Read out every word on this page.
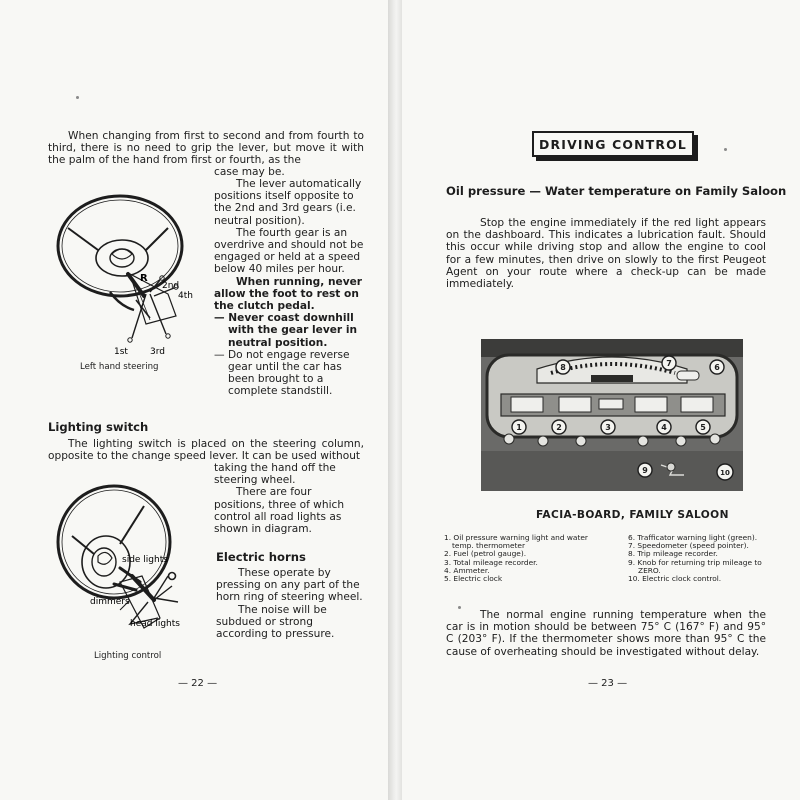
When changing from first to second and from fourth to third, there is no need to grip the lever, but move it with the palm of the hand from first or fourth, as the

case may be.

The lever automatically positions itself opposite to the 2nd and 3rd gears (i.e. neutral position).
The fourth gear is an overdrive and should not be engaged or held at a speed below 40 miles per hour.
When running, never allow the foot to rest on the clutch pedal.
— Never coast downhill with the gear lever in neutral position.
— Do not engage reverse gear until the car has been brought to a complete standstill.
R
2nd
4th
1st 3rd

Left hand steering

Lighting switch

The lighting switch is placed on the steering column, opposite to the change speed lever. It can be used without

taking the hand off the steering wheel.
There are four positions, three of which control all road lights as shown in diagram.
side lights
dimmers
head lights

Lighting control

Electric horns

These operate by pressing on any part of the horn ring of steering wheel.
The noise will be subdued or strong according to pressure.

— 22 —

DRIVING CONTROL

Oil pressure — Water temperature on Family Saloon

Stop the engine immediately if the red light appears on the dashboard. This indicates a lubrication fault. Should this occur while driving stop and allow the engine to cool for a few minutes, then drive on slowly to the first Peugeot Agent on your route where a check-up can be made immediately.

1	2	3	4	5
6
7
8
9	10

FACIA-BOARD, FAMILY SALOON

1. Oil pressure warning light and water
temp. thermometer
2. Fuel (petrol gauge).
3. Total mileage recorder.
4. Ammeter.
5. Electric clock
6. Trafficator warning light (green).
7. Speedometer (speed pointer).
8. Trip mileage recorder.
9. Knob for returning trip mileage to
ZERO.
10. Electric clock control.

The normal engine running temperature when the car is in motion should be between 75° C (167° F) and 95° C (203° F). If the thermometer shows more than 95° C the cause of overheating should be investigated without delay.

— 23 —
